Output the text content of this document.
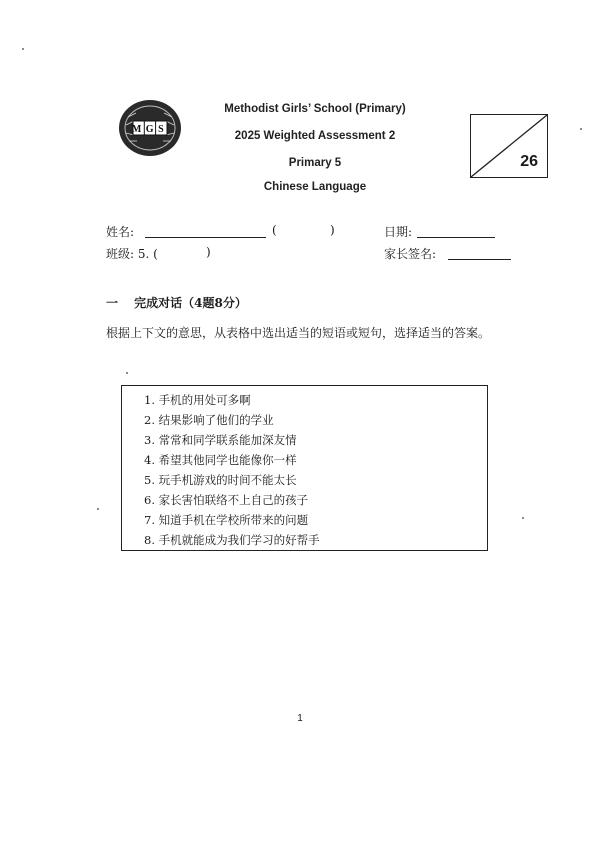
MGS
Methodist Girls’ School (Primary)
2025 Weighted Assessment 2
Primary 5
Chinese Language
26
姓名:	(	)	日期:
班级: 5. (	)	家长签名:
一　 完成对话（4题8分）
根据上下文的意思，从表格中选出适当的短语或短句，选择适当的答案。
1. 手机的用处可多啊
2. 结果影响了他们的学业
3. 常常和同学联系能加深友情
4. 希望其他同学也能像你一样
5. 玩手机游戏的时间不能太长
6. 家长害怕联络不上自己的孩子
7. 知道手机在学校所带来的问题
8. 手机就能成为我们学习的好帮手
1
